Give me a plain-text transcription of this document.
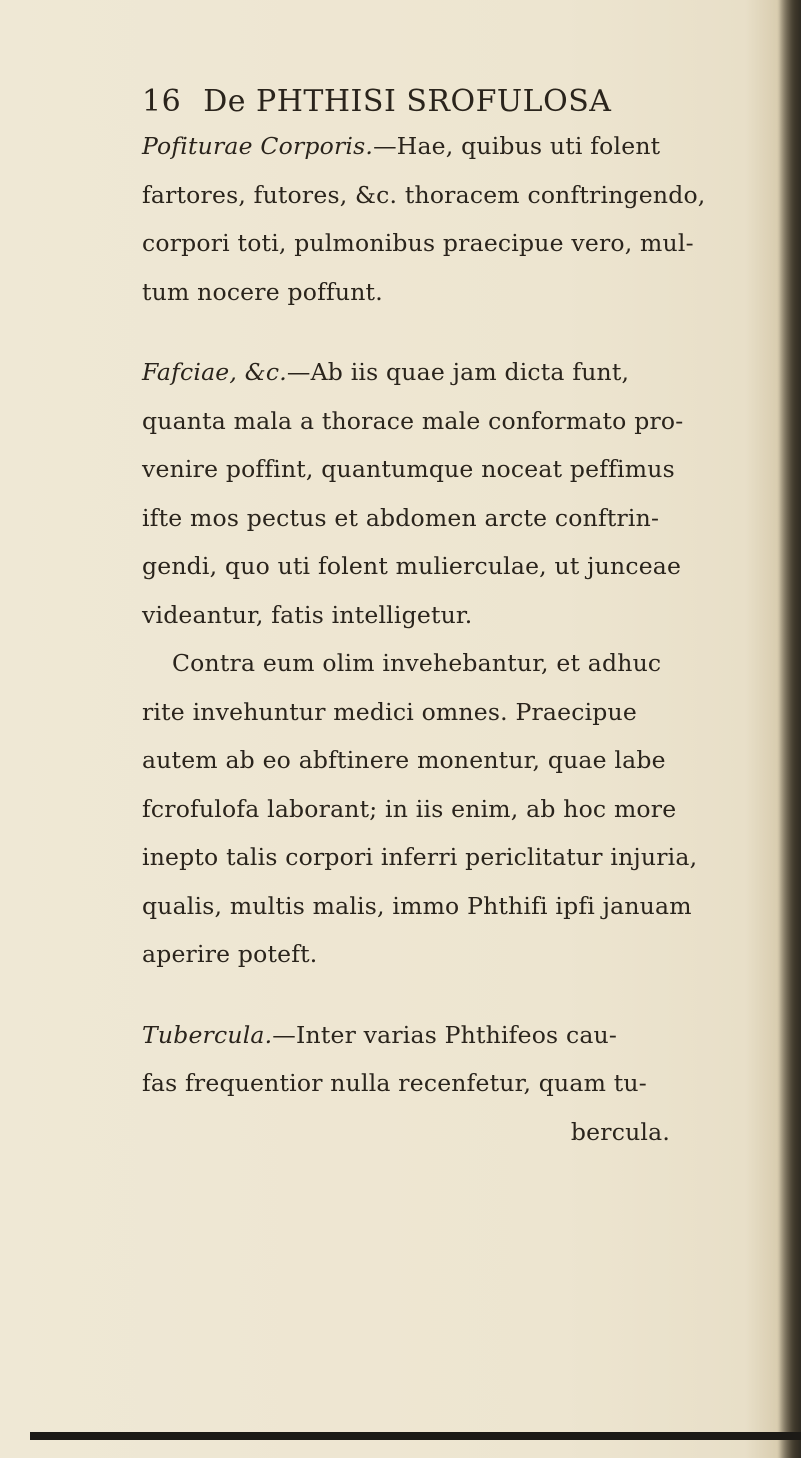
16 De PHTHISI SROFULOSA
Pofiturae Corporis.—Hae, quibus uti folent
fartores, futores, &c. thoracem conftringendo,
corpori toti, pulmonibus praecipue vero, mul-
tum nocere poffunt.
Fafciae, &c.—Ab iis quae jam dicta funt,
quanta mala a thorace male conformato pro-
venire poffint, quantumque noceat peffimus
ifte mos pectus et abdomen arcte conftrin-
gendi, quo uti folent mulierculae, ut junceae
videantur, fatis intelligetur.
Contra eum olim invehebantur, et adhuc
rite invehuntur medici omnes. Praecipue
autem ab eo abftinere monentur, quae labe
fcrofulofa laborant; in iis enim, ab hoc more
inepto talis corpori inferri periclitatur injuria,
qualis, multis malis, immo Phthifi ipfi januam
aperire poteft.
Tubercula.—Inter varias Phthifeos cau-
fas frequentior nulla recenfetur, quam tu-
bercula.
